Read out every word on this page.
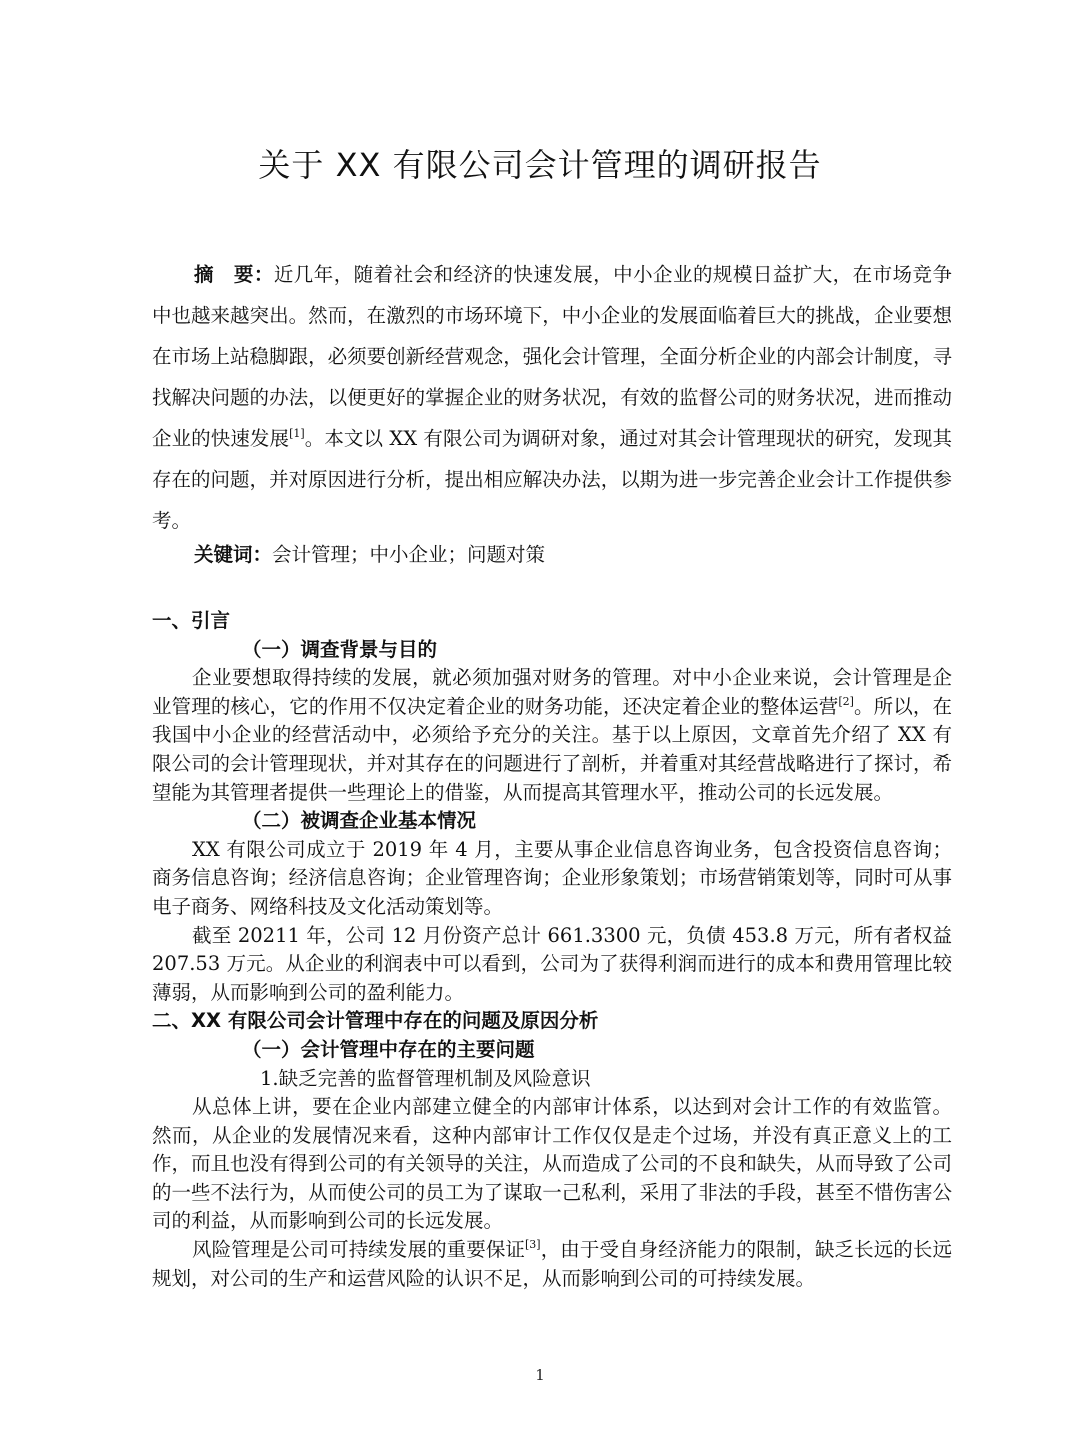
关于 XX 有限公司会计管理的调研报告
摘　要：近几年，随着社会和经济的快速发展，中小企业的规模日益扩大，在市场竞争中也越来越突出。然而，在激烈的市场环境下，中小企业的发展面临着巨大的挑战，企业要想在市场上站稳脚跟，必须要创新经营观念，强化会计管理，全面分析企业的内部会计制度，寻找解决问题的办法，以便更好的掌握企业的财务状况，有效的监督公司的财务状况，进而推动企业的快速发展[1]。本文以 XX 有限公司为调研对象，通过对其会计管理现状的研究，发现其存在的问题，并对原因进行分析，提出相应解决办法，以期为进一步完善企业会计工作提供参考。
关键词：会计管理；中小企业；问题对策

一、引言

（一）调查背景与目的

企业要想取得持续的发展，就必须加强对财务的管理。对中小企业来说，会计管理是企业管理的核心，它的作用不仅决定着企业的财务功能，还决定着企业的整体运营[2]。所以，在我国中小企业的经营活动中，必须给予充分的关注。基于以上原因，文章首先介绍了 XX 有限公司的会计管理现状，并对其存在的问题进行了剖析，并着重对其经营战略进行了探讨，希望能为其管理者提供一些理论上的借鉴，从而提高其管理水平，推动公司的长远发展。

（二）被调查企业基本情况

XX 有限公司成立于 2019 年 4 月，主要从事企业信息咨询业务，包含投资信息咨询；商务信息咨询；经济信息咨询；企业管理咨询；企业形象策划；市场营销策划等，同时可从事电子商务、网络科技及文化活动策划等。

截至 20211 年，公司 12 月份资产总计 661.3300 元，负债 453.8 万元，所有者权益 207.53 万元。从企业的利润表中可以看到，公司为了获得利润而进行的成本和费用管理比较薄弱，从而影响到公司的盈利能力。

二、XX 有限公司会计管理中存在的问题及原因分析

（一）会计管理中存在的主要问题

1.缺乏完善的监督管理机制及风险意识

从总体上讲，要在企业内部建立健全的内部审计体系，以达到对会计工作的有效监管。然而，从企业的发展情况来看，这种内部审计工作仅仅是走个过场，并没有真正意义上的工作，而且也没有得到公司的有关领导的关注，从而造成了公司的不良和缺失，从而导致了公司的一些不法行为，从而使公司的员工为了谋取一己私利，采用了非法的手段，甚至不惜伤害公司的利益，从而影响到公司的长远发展。

风险管理是公司可持续发展的重要保证[3]，由于受自身经济能力的限制，缺乏长远的长远规划，对公司的生产和运营风险的认识不足，从而影响到公司的可持续发展。

1
